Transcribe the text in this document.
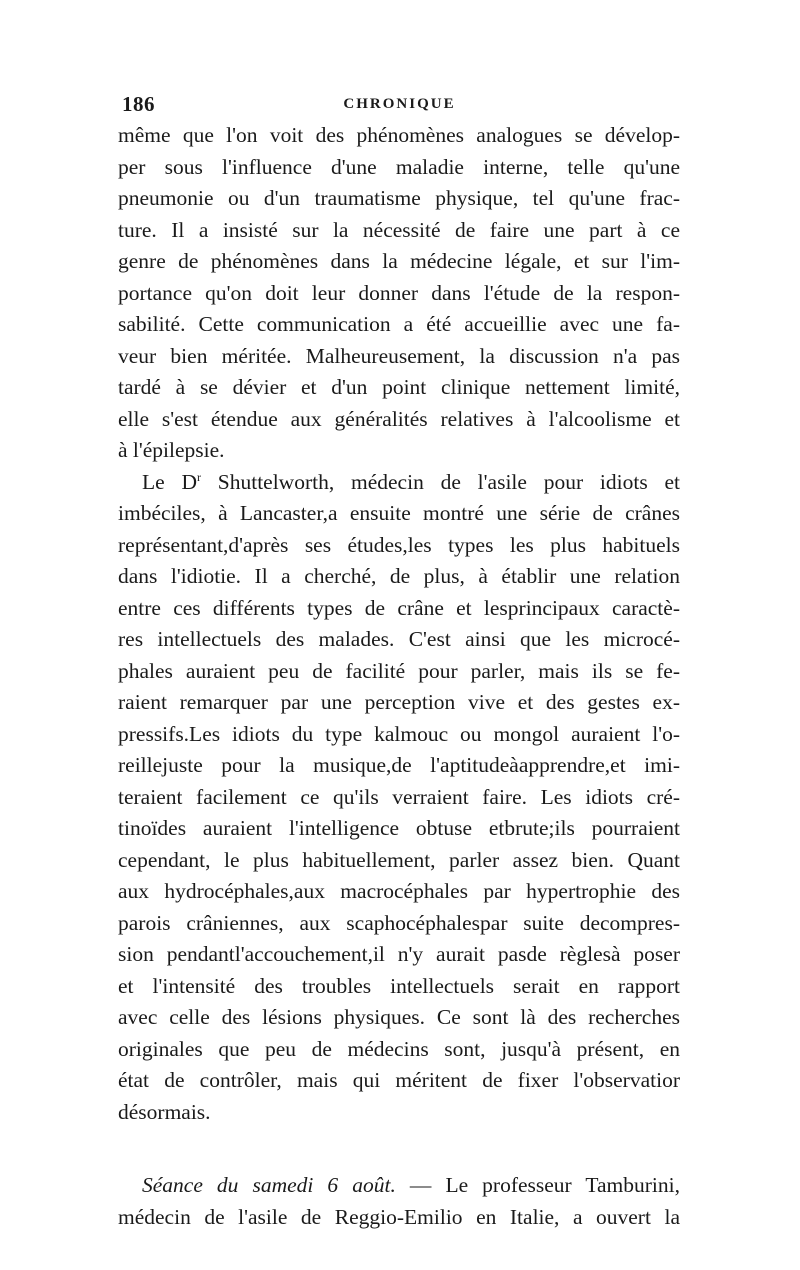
186	CHRONIQUE
même que l'on voit des phénomènes analogues se dévelop-
per sous l'influence d'une maladie interne, telle qu'une
pneumonie ou d'un traumatisme physique, tel qu'une frac-
ture. Il a insisté sur la nécessité de faire une part à ce
genre de phénomènes dans la médecine légale, et sur l'im-
portance qu'on doit leur donner dans l'étude de la respon-
sabilité. Cette communication a été accueillie avec une fa-
veur bien méritée. Malheureusement, la discussion n'a pas
tardé à se dévier et d'un point clinique nettement limité,
elle s'est étendue aux généralités relatives à l'alcoolisme et
à l'épilepsie.
Le $D^r$ Shuttelworth, médecin de l'asile pour idiots et
imbéciles, à Lancaster,a ensuite montré une série de crânes
représentant,d'après ses études,les types les plus habituels
dans l'idiotie. Il a cherché, de plus, à établir une relation
entre ces différents types de crâne et lesprincipaux caractè-
res intellectuels des malades. C'est ainsi que les microcé-
phales auraient peu de facilité pour parler, mais ils se fe-
raient remarquer par une perception vive et des gestes ex-
pressifs.Les idiots du type kalmouc ou mongol auraient l'o-
reillejuste pour la musique,de l'aptitudeàapprendre,et imi-
teraient facilement ce qu'ils verraient faire. Les idiots cré-
tinoïdes auraient l'intelligence obtuse etbrute;ils pourraient
cependant, le plus habituellement, parler assez bien. Quant
aux hydrocéphales,aux macrocéphales par hypertrophie des
parois crâniennes, aux scaphocéphalespar suite decompres-
sion pendantl'accouchement,il n'y aurait pasde règlesà poser
et l'intensité des troubles intellectuels serait en rapport
avec celle des lésions physiques. Ce sont là des recherches
originales que peu de médecins sont, jusqu'à présent, en
état de contrôler, mais qui méritent de fixer l'observatior
désormais.
Séance du samedi 6 août. — Le professeur Tamburini,
médecin de l'asile de Reggio-Emilio en Italie, a ouvert la
